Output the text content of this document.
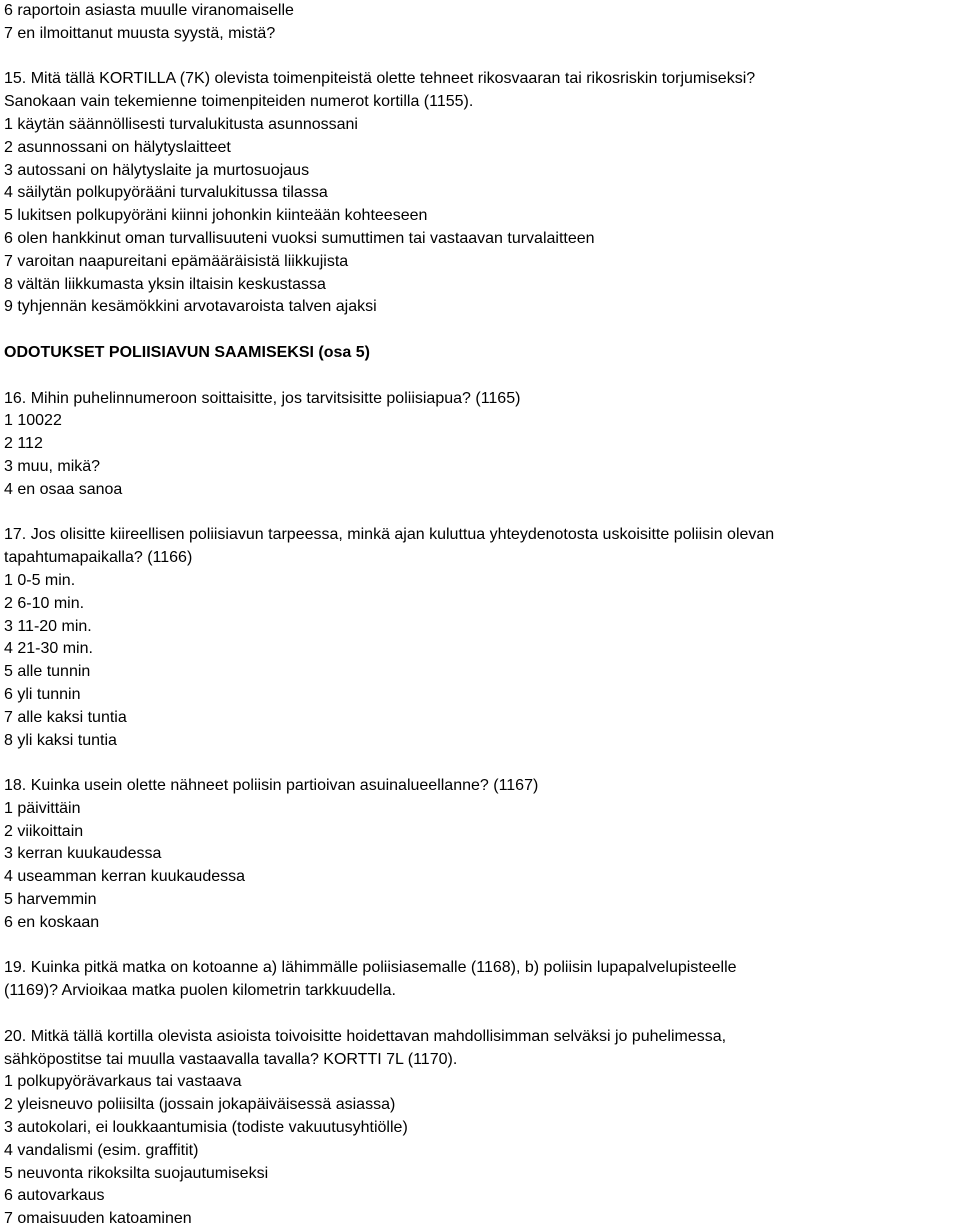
6 raportoin asiasta muulle viranomaiselle
7 en ilmoittanut muusta syystä, mistä?
15. Mitä tällä KORTILLA (7K) olevista toimenpiteistä olette tehneet rikosvaaran tai rikosriskin torjumiseksi?
Sanokaan vain tekemienne toimenpiteiden numerot kortilla (1155).
1 käytän säännöllisesti turvalukitusta asunnossani
2 asunnossani on hälytyslaitteet
3 autossani on hälytyslaite ja murtosuojaus
4 säilytän polkupyörääni turvalukitussa tilassa
5 lukitsen polkupyöräni kiinni johonkin kiinteään kohteeseen
6 olen hankkinut oman turvallisuuteni vuoksi sumuttimen tai vastaavan turvalaitteen
7 varoitan naapureitani epämääräisistä liikkujista
8 vältän liikkumasta yksin iltaisin keskustassa
9 tyhjennän kesämökkini arvotavaroista talven ajaksi
ODOTUKSET POLIISIAVUN SAAMISEKSI (osa 5)
16. Mihin puhelinnumeroon soittaisitte, jos tarvitsisitte poliisiapua? (1165)
1 10022
2 112
3 muu, mikä?
4 en osaa sanoa
17. Jos olisitte kiireellisen poliisiavun tarpeessa, minkä ajan kuluttua yhteydenotosta uskoisitte poliisin olevan
tapahtumapaikalla? (1166)
1 0-5 min.
2 6-10 min.
3 11-20 min.
4 21-30 min.
5 alle tunnin
6 yli tunnin
7 alle kaksi tuntia
8 yli kaksi tuntia
18. Kuinka usein olette nähneet poliisin partioivan asuinalueellanne? (1167)
1 päivittäin
2 viikoittain
3 kerran kuukaudessa
4 useamman kerran kuukaudessa
5 harvemmin
6 en koskaan
19. Kuinka pitkä matka on kotoanne a) lähimmälle poliisiasemalle (1168), b) poliisin lupapalvelupisteelle
(1169)? Arvioikaa matka puolen kilometrin tarkkuudella.
20. Mitkä tällä kortilla olevista asioista toivoisitte hoidettavan mahdollisimman selväksi jo puhelimessa,
sähköpostitse tai muulla vastaavalla tavalla? KORTTI 7L (1170).
1 polkupyörävarkaus tai vastaava
2 yleisneuvo poliisilta (jossain jokapäiväisessä asiassa)
3 autokolari, ei loukkaantumisia (todiste vakuutusyhtiölle)
4 vandalismi (esim. graffitit)
5 neuvonta rikoksilta suojautumiseksi
6 autovarkaus
7 omaisuuden katoaminen
